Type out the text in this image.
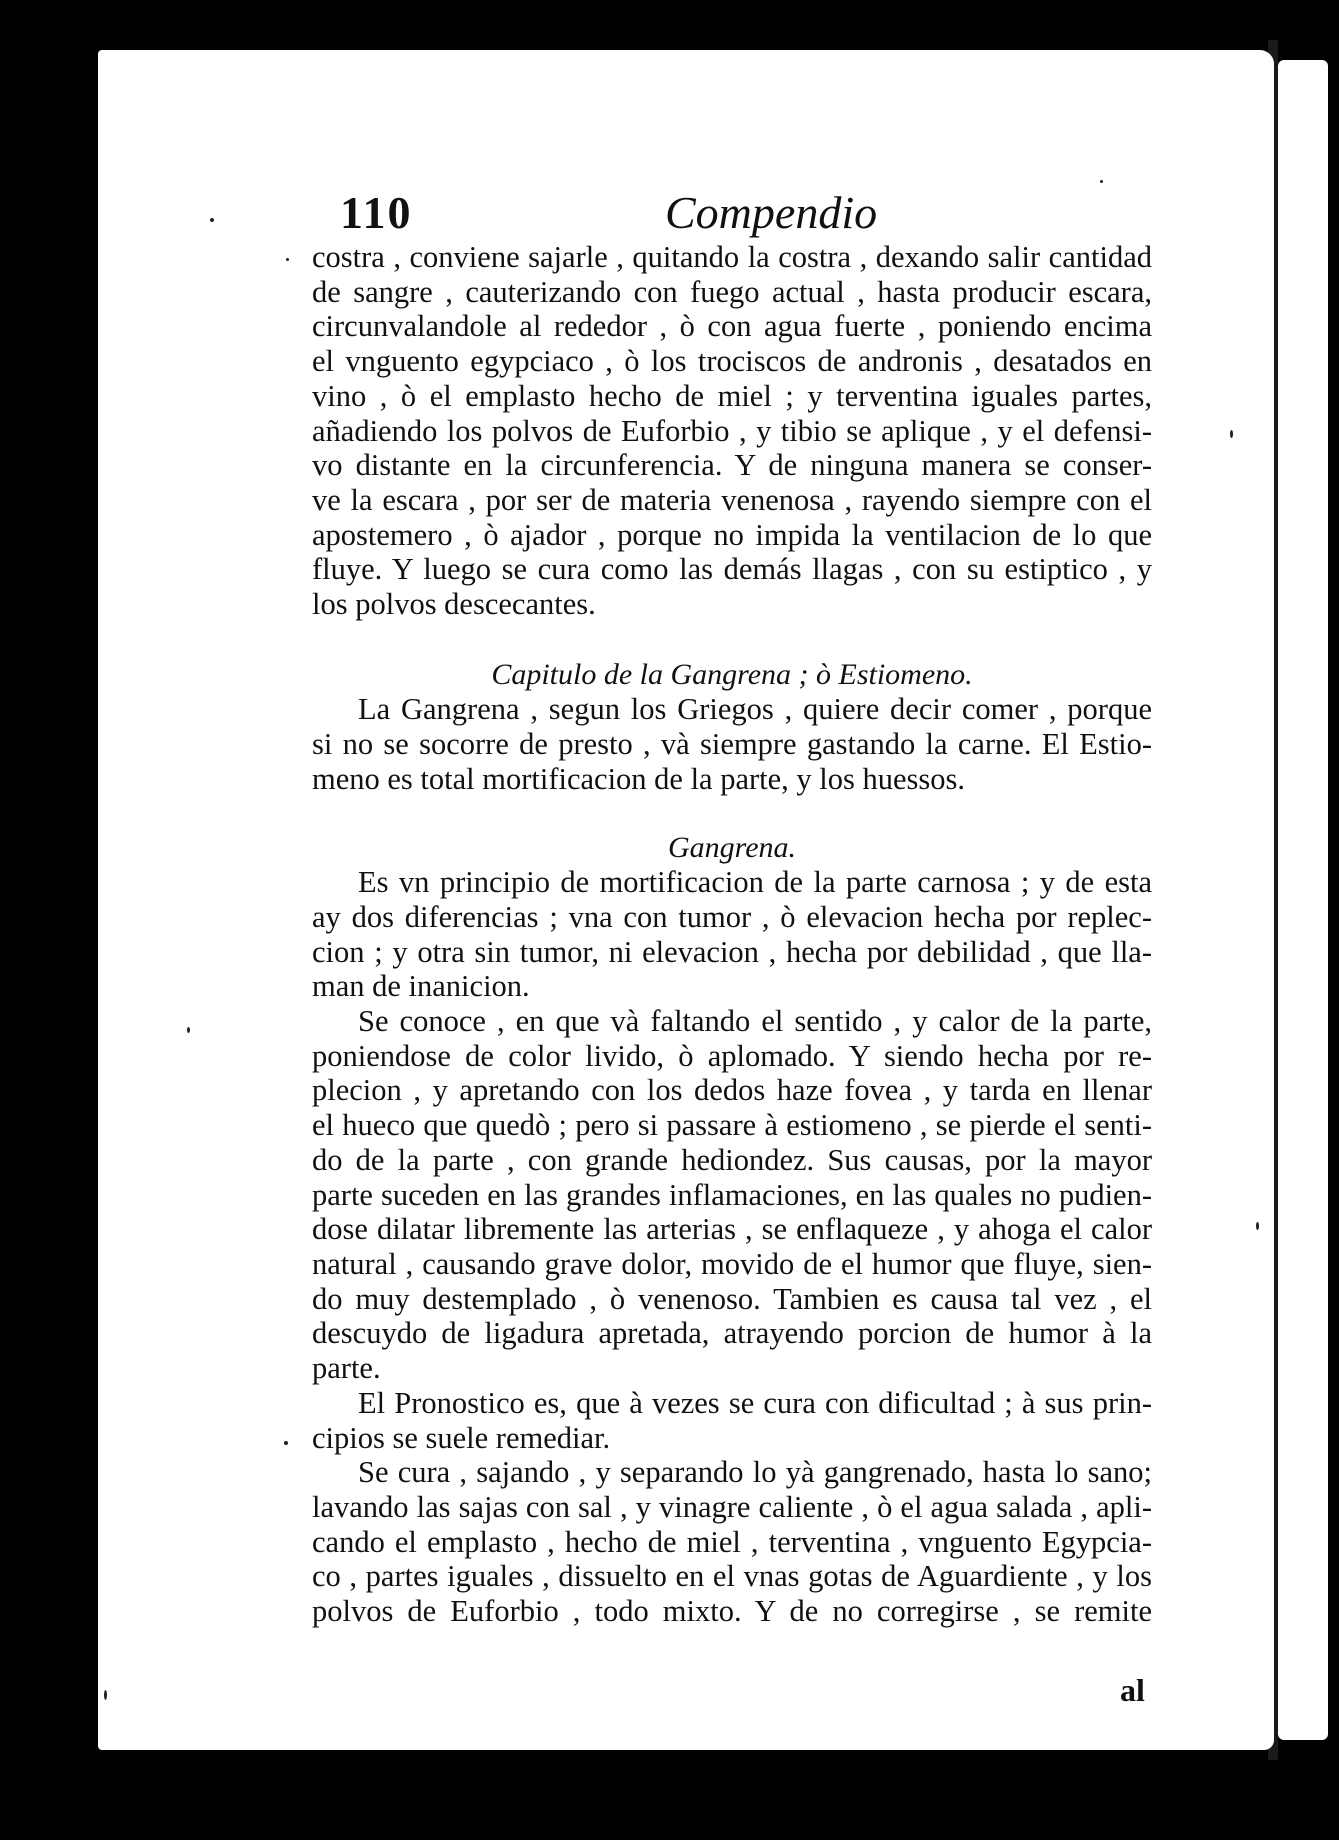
110	Compendio
costra , conviene sajarle , quitando la costra , dexando salir cantidad
de sangre , cauterizando con fuego actual , hasta producir escara,
circunvalandole al rededor , ò con agua fuerte , poniendo encima
el vnguento egypciaco , ò los trociscos de andronis , desatados en
vino , ò el emplasto hecho de miel ; y terventina iguales partes,
añadiendo los polvos de Euforbio , y tibio se aplique , y el defensi-
vo distante en la circunferencia. Y de ninguna manera se conser-
ve la escara , por ser de materia venenosa , rayendo siempre con el
apostemero , ò ajador , porque no impida la ventilacion de lo que
fluye. Y luego se cura como las demás llagas , con su estiptico , y
los polvos descecantes.
Capitulo de la Gangrena ; ò Estiomeno.
La Gangrena , segun los Griegos , quiere decir comer , porque
si no se socorre de presto , và siempre gastando la carne. El Estio-
meno es total mortificacion de la parte, y los huessos.
Gangrena.
Es vn principio de mortificacion de la parte carnosa ; y de esta
ay dos diferencias ; vna con tumor , ò elevacion hecha por replec-
cion ; y otra sin tumor, ni elevacion , hecha por debilidad , que lla-
man de inanicion.
Se conoce , en que và faltando el sentido , y calor de la parte,
poniendose de color livido, ò aplomado. Y siendo hecha por re-
plecion , y apretando con los dedos haze fovea , y tarda en llenar
el hueco que quedò ; pero si passare à estiomeno , se pierde el senti-
do de la parte , con grande hediondez. Sus causas, por la mayor
parte suceden en las grandes inflamaciones, en las quales no pudien-
dose dilatar libremente las arterias , se enflaqueze , y ahoga el calor
natural , causando grave dolor, movido de el humor que fluye, sien-
do muy destemplado , ò venenoso. Tambien es causa tal vez , el
descuydo de ligadura apretada, atrayendo porcion de humor à la
parte.
El Pronostico es, que à vezes se cura con dificultad ; à sus prin-
cipios se suele remediar.
Se cura , sajando , y separando lo yà gangrenado, hasta lo sano;
lavando las sajas con sal , y vinagre caliente , ò el agua salada , apli-
cando el emplasto , hecho de miel , terventina , vnguento Egypcia-
co , partes iguales , dissuelto en el vnas gotas de Aguardiente , y los
polvos de Euforbio , todo mixto. Y de no corregirse , se remite
al
